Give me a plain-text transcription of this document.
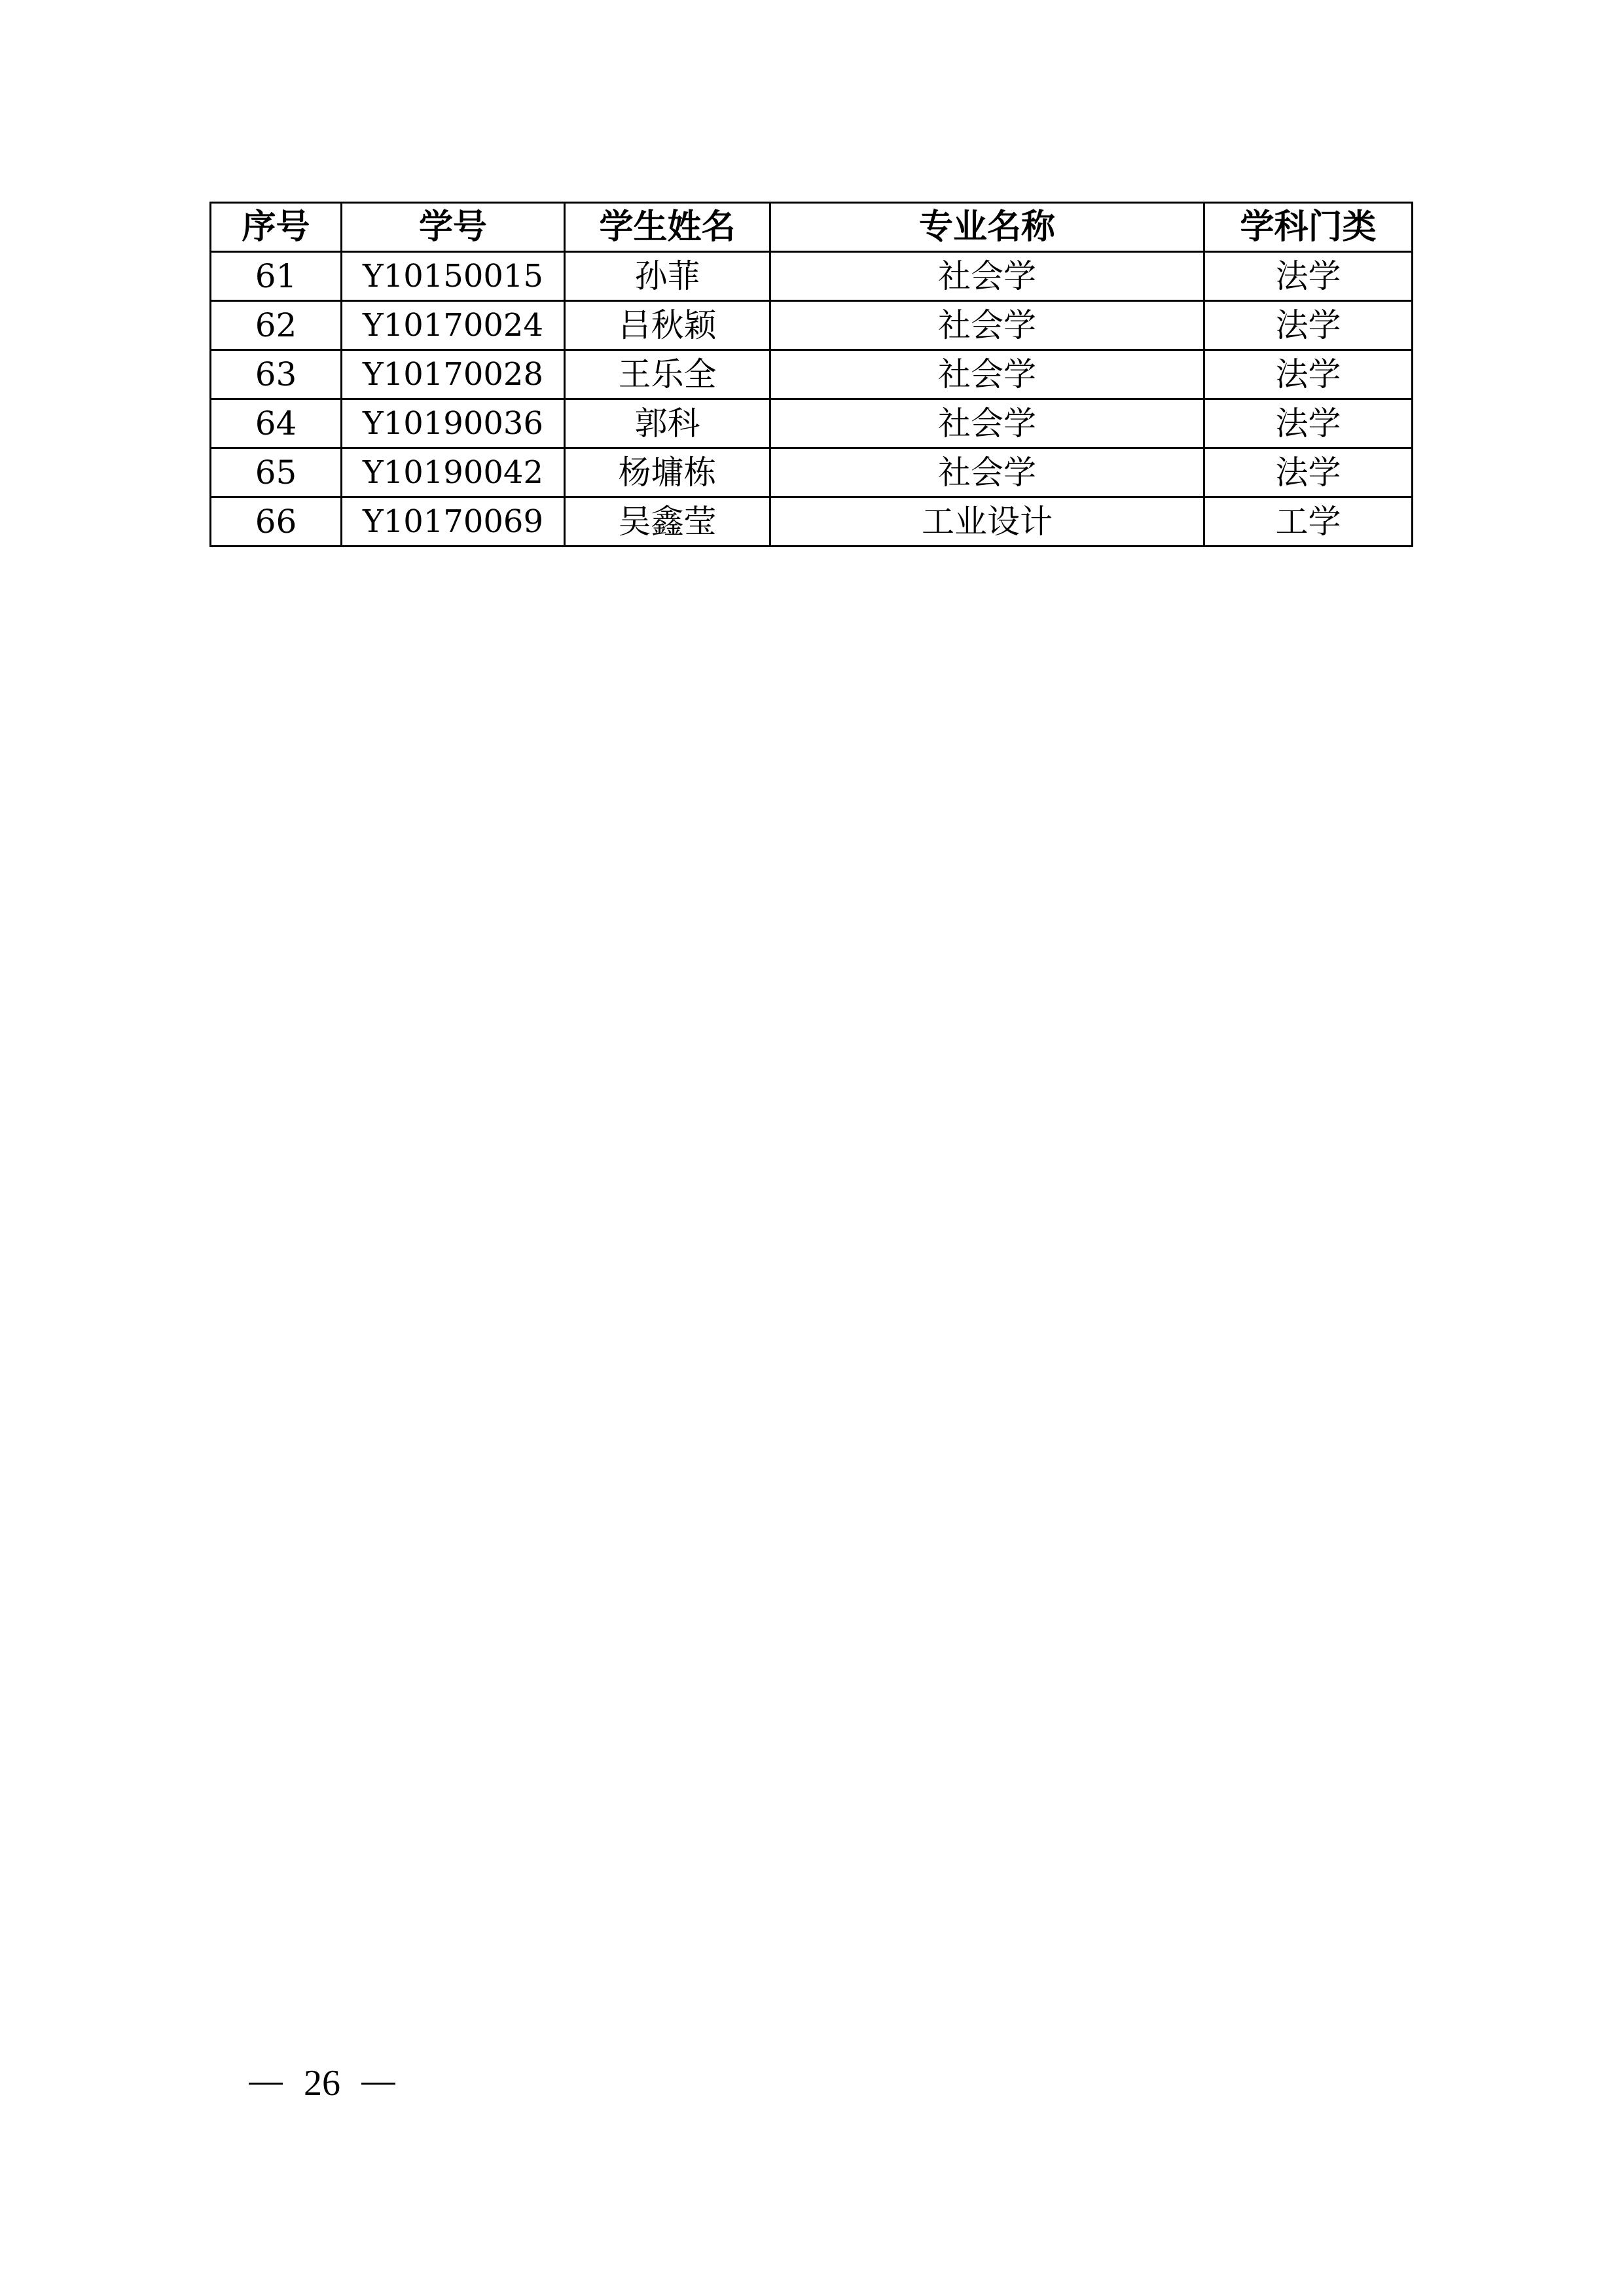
序号	学号	学生姓名	专业名称	学科门类
61	Y10150015	孙菲	社会学	法学
62	Y10170024	吕秋颖	社会学	法学
63	Y10170028	王乐全	社会学	法学
64	Y10190036	郭科	社会学	法学
65	Y10190042	杨墉栋	社会学	法学
66	Y10170069	吴鑫莹	工业设计	工学
26
